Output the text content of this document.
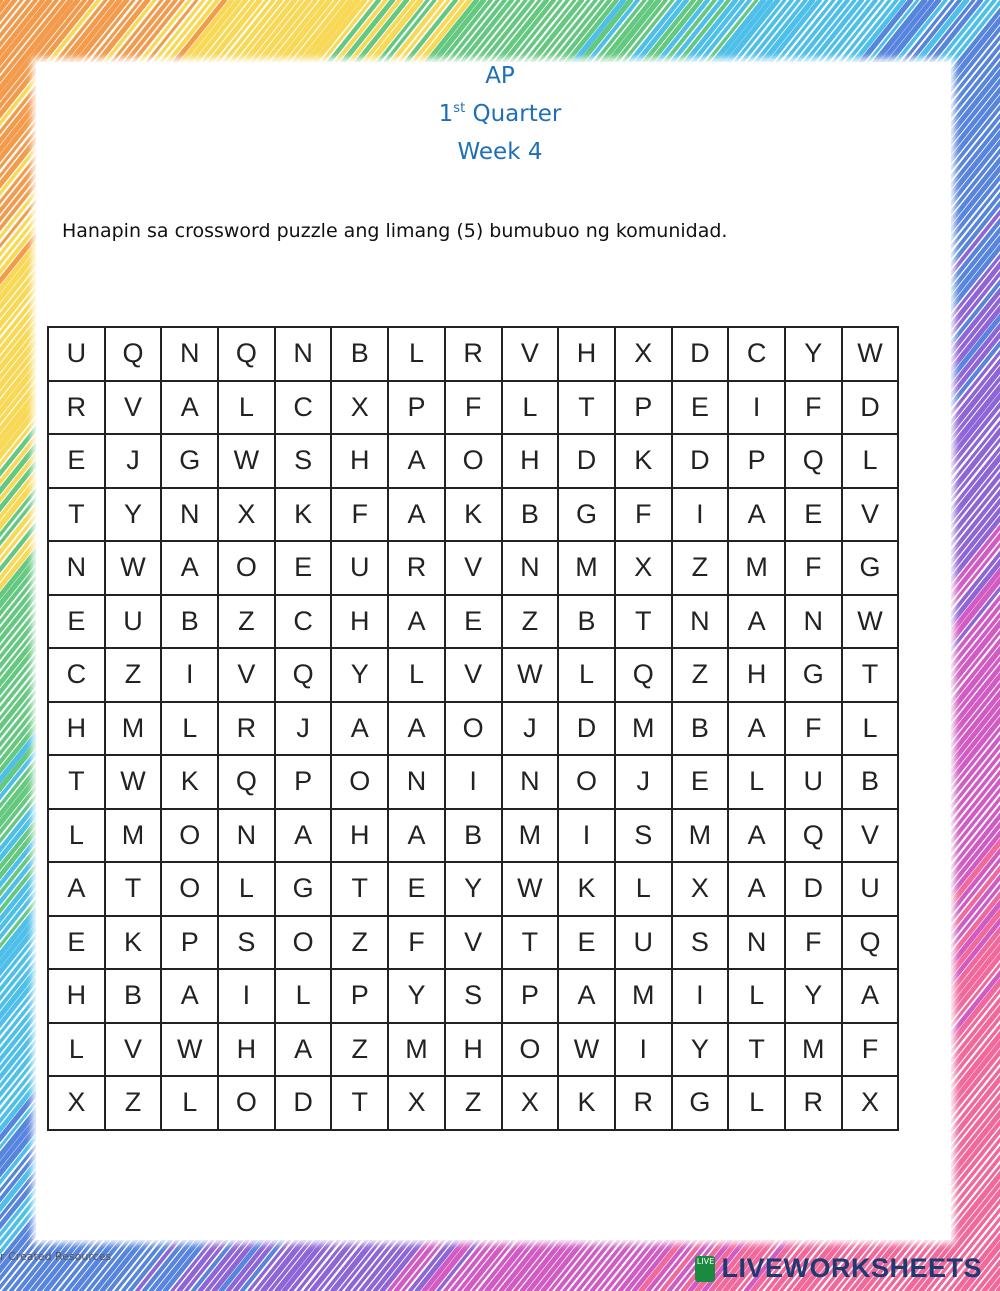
AP
1st Quarter
Week 4
Hanapin sa crossword puzzle ang limang (5) bumubuo ng komunidad.
U	Q	N	Q	N	B	L	R	V	H	X	D	C	Y	W
R	V	A	L	C	X	P	F	L	T	P	E	I	F	D
E	J	G	W	S	H	A	O	H	D	K	D	P	Q	L
T	Y	N	X	K	F	A	K	B	G	F	I	A	E	V
N	W	A	O	E	U	R	V	N	M	X	Z	M	F	G
E	U	B	Z	C	H	A	E	Z	B	T	N	A	N	W
C	Z	I	V	Q	Y	L	V	W	L	Q	Z	H	G	T
H	M	L	R	J	A	A	O	J	D	M	B	A	F	L
T	W	K	Q	P	O	N	I	N	O	J	E	L	U	B
L	M	O	N	A	H	A	B	M	I	S	M	A	Q	V
A	T	O	L	G	T	E	Y	W	K	L	X	A	D	U
E	K	P	S	O	Z	F	V	T	E	U	S	N	F	Q
H	B	A	I	L	P	Y	S	P	A	M	I	L	Y	A
L	V	W	H	A	Z	M	H	O	W	I	Y	T	M	F
X	Z	L	O	D	T	X	Z	X	K	R	G	L	R	X
r Created Resources	LIVE LIVEWORKSHEETS
